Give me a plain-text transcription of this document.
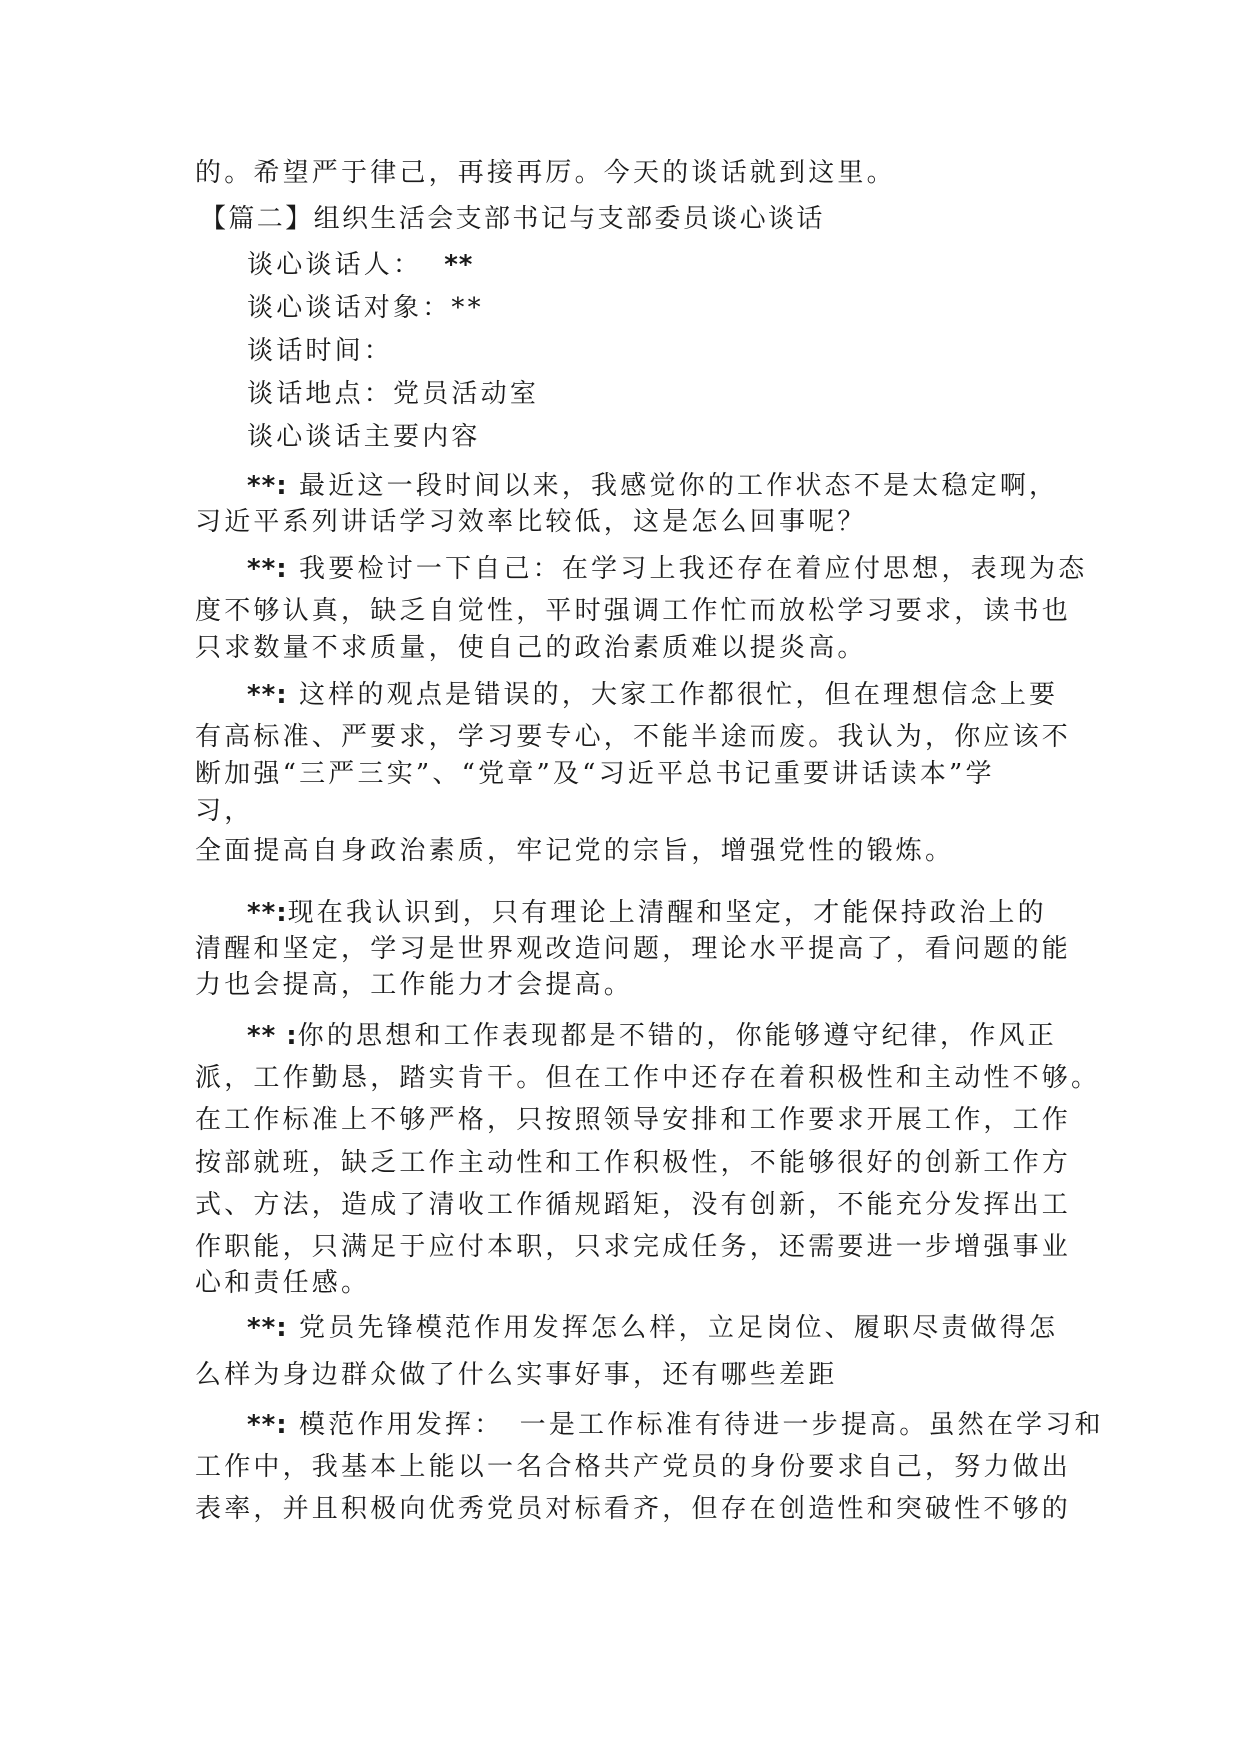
的。希望严于律己，再接再厉。今天的谈话就到这里。
【篇二】组织生活会支部书记与支部委员谈心谈话
谈心谈话人： **
谈心谈话对象：**
谈话时间：
谈话地点：党员活动室
谈心谈话主要内容
**: 最近这一段时间以来，我感觉你的工作状态不是太稳定啊，
习近平系列讲话学习效率比较低，这是怎么回事呢？
**: 我要检讨一下自己：在学习上我还存在着应付思想，表现为态
度不够认真，缺乏自觉性，平时强调工作忙而放松学习要求，读书也
只求数量不求质量，使自己的政治素质难以提炎高。
**: 这样的观点是错误的，大家工作都很忙，但在理想信念上要
有高标准、严要求，学习要专心，不能半途而废。我认为，你应该不
断加强“三严三实”、“党章”及“习近平总书记重要讲话读本”学
习，
全面提高自身政治素质，牢记党的宗旨，增强党性的锻炼。
**:现在我认识到，只有理论上清醒和坚定，才能保持政治上的
清醒和坚定，学习是世界观改造问题，理论水平提高了，看问题的能
力也会提高，工作能力才会提高。
** :你的思想和工作表现都是不错的，你能够遵守纪律，作风正
派，工作勤恳，踏实肯干。但在工作中还存在着积极性和主动性不够。
在工作标准上不够严格，只按照领导安排和工作要求开展工作，工作
按部就班，缺乏工作主动性和工作积极性，不能够很好的创新工作方
式、方法，造成了清收工作循规蹈矩，没有创新，不能充分发挥出工
作职能，只满足于应付本职，只求完成任务，还需要进一步增强事业
心和责任感。
**: 党员先锋模范作用发挥怎么样，立足岗位、履职尽责做得怎
么样为身边群众做了什么实事好事，还有哪些差距
**: 模范作用发挥：　一是工作标准有待进一步提高。虽然在学习和
工作中，我基本上能以一名合格共产党员的身份要求自己，努力做出
表率，并且积极向优秀党员对标看齐，但存在创造性和突破性不够的
